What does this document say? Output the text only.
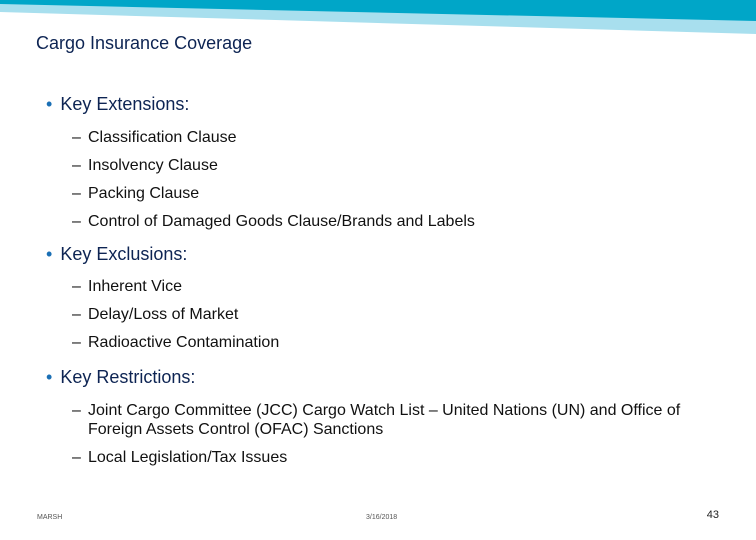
Cargo Insurance Coverage
• Key Extensions:
– Classification Clause
– Insolvency Clause
– Packing Clause
– Control of Damaged Goods Clause/Brands and Labels
• Key Exclusions:
– Inherent Vice
– Delay/Loss of Market
– Radioactive Contamination
• Key Restrictions:
– Joint Cargo Committee (JCC) Cargo Watch List – United Nations (UN) and Office of Foreign Assets Control (OFAC) Sanctions
– Local Legislation/Tax Issues
MARSH	3/16/2018	43
